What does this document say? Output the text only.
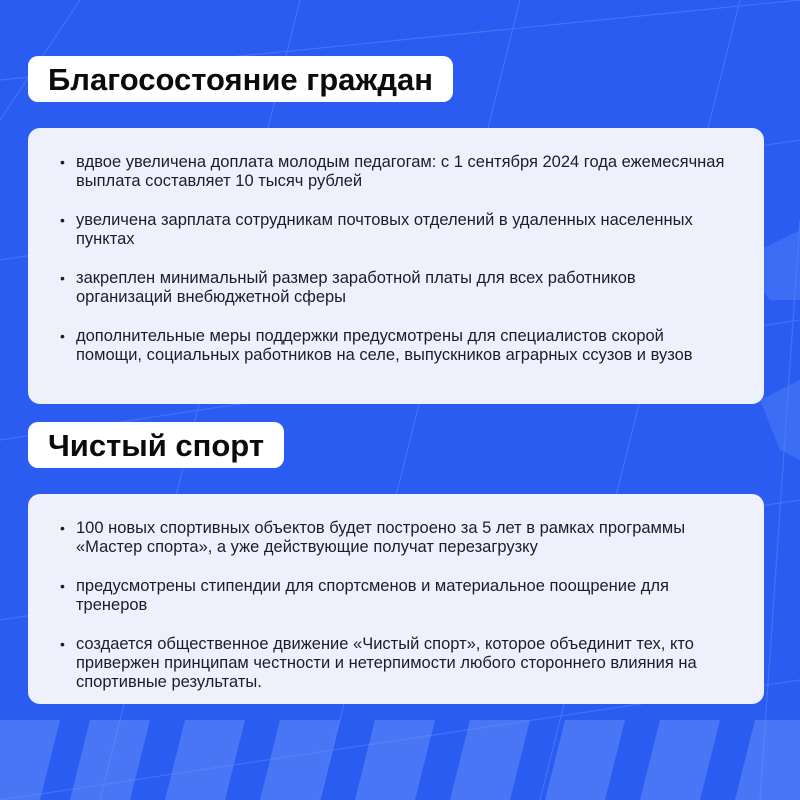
Благосостояние граждан
• вдвое увеличена доплата молодым педагогам: с 1 сентября 2024 года ежемесячная выплата составляет 10 тысяч рублей
• увеличена зарплата сотрудникам почтовых отделений в удаленных населенных пунктах
• закреплен минимальный размер заработной платы для всех работников организаций внебюджетной сферы
• дополнительные меры поддержки предусмотрены для специалистов скорой помощи, социальных работников на селе, выпускников аграрных ссузов и вузов
Чистый спорт
• 100 новых спортивных объектов будет построено за 5 лет в рамках программы «Мастер спорта», а уже действующие получат перезагрузку
• предусмотрены стипендии для спортсменов и материальное поощрение для тренеров
• создается общественное движение «Чистый спорт», которое объединит тех, кто привержен принципам честности и нетерпимости любого стороннего влияния на спортивные результаты.
